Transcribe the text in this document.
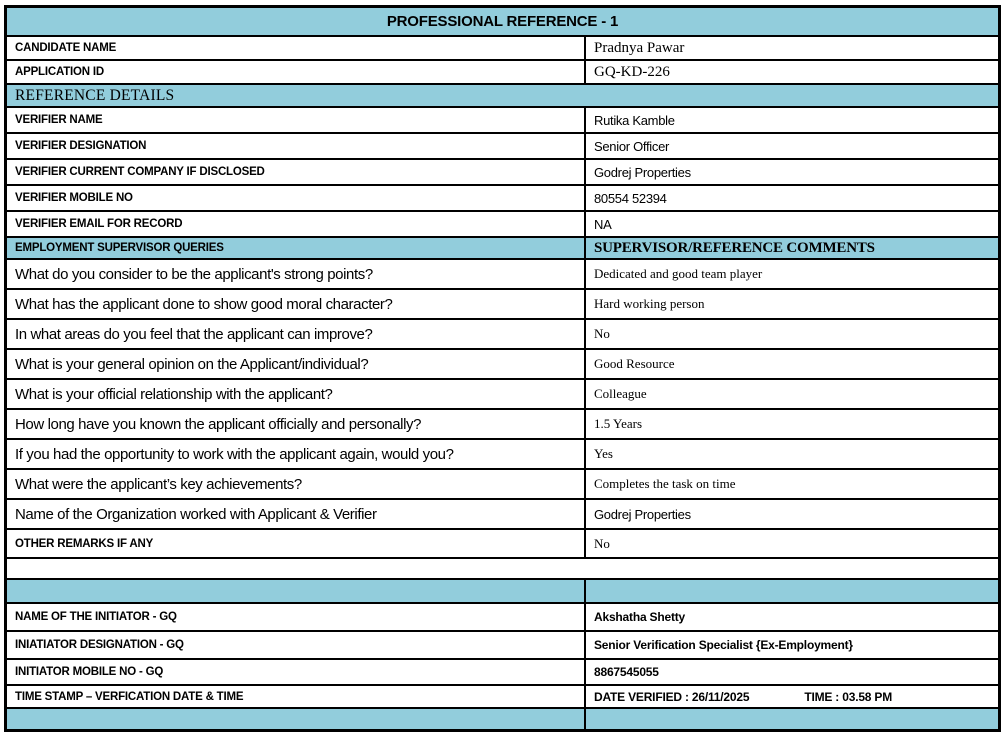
PROFESSIONAL REFERENCE - 1
CANDIDATE NAME	Pradnya Pawar
APPLICATION ID	GQ-KD-226
REFERENCE DETAILS
VERIFIER NAME	Rutika Kamble
VERIFIER DESIGNATION	Senior Officer
VERIFIER CURRENT COMPANY IF DISCLOSED	Godrej Properties
VERIFIER MOBILE NO	80554 52394
VERIFIER EMAIL FOR RECORD	NA
EMPLOYMENT SUPERVISOR QUERIES	SUPERVISOR/REFERENCE COMMENTS
What do you consider to be the applicant's strong points?	Dedicated and good team player
What has the applicant done to show good moral character?	Hard working person
In what areas do you feel that the applicant can improve?	No
What is your general opinion on the Applicant/individual?	Good Resource
What is your official relationship with the applicant?	Colleague
How long have you known the applicant officially and personally?	1.5 Years
If you had the opportunity to work with the applicant again, would you?	Yes
What were the applicant’s key achievements?	Completes the task on time
Name of the Organization worked with Applicant & Verifier	Godrej Properties
OTHER REMARKS IF ANY	No
NAME OF THE INITIATOR - GQ	Akshatha Shetty
INIATIATOR DESIGNATION - GQ	Senior Verification Specialist {Ex-Employment}
INITIATOR MOBILE NO - GQ	8867545055
TIME STAMP – VERFICATION DATE & TIME	DATE VERIFIED : 26/11/2025	TIME : 03.58 PM
